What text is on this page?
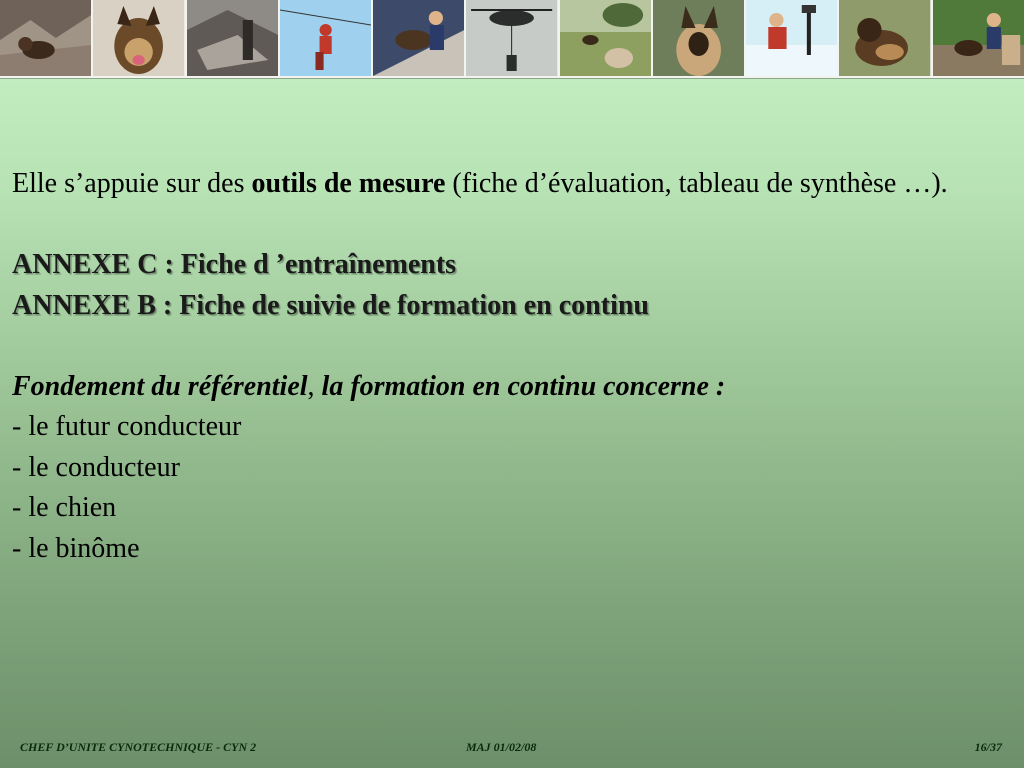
Elle s’appuie sur des outils de mesure (fiche d’évaluation, tableau de synthèse …).

ANNEXE C : Fiche d ’entraînements

ANNEXE B : Fiche de suivie de formation en continu

Fondement du référentiel, la formation en continu concerne :

- le futur conducteur

- le conducteur

- le chien

- le binôme

CHEF D’UNITE CYNOTECHNIQUE - CYN 2	MAJ 01/02/08	16/37
